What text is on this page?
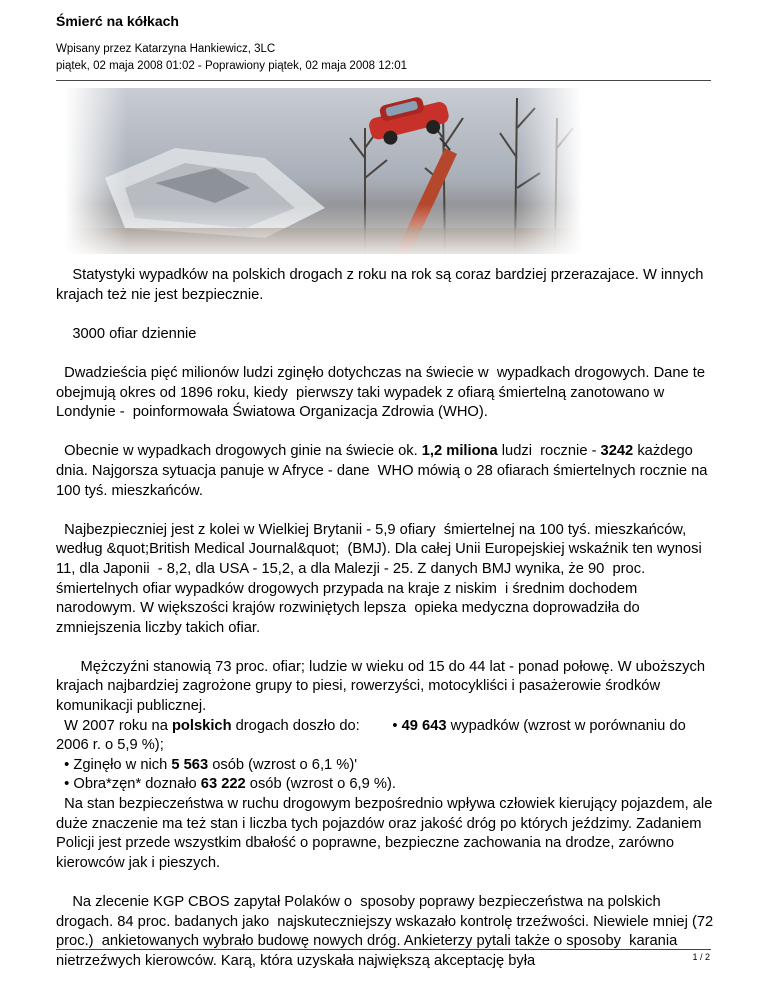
Śmierć na kółkach
Wpisany przez Katarzyna Hankiewicz, 3LC
piątek, 02 maja 2008 01:02 - Poprawiony piątek, 02 maja 2008 12:01

Statystyki wypadków na polskich drogach z roku na rok są coraz bardziej przerazajace. W innych krajach też nie jest bezpiecznie.

3000 ofiar dziennie

Dwadzieścia pięć milionów ludzi zginęło dotychczas na świecie w  wypadkach drogowych. Dane te obejmują okres od 1896 roku, kiedy  pierwszy taki wypadek z ofiarą śmiertelną zanotowano w Londynie -  poinformowała Światowa Organizacja Zdrowia (WHO).

Obecnie w wypadkach drogowych ginie na świecie ok. 1,2 miliona ludzi  rocznie - 3242 każdego dnia. Najgorsza sytuacja panuje w Afryce - dane  WHO mówią o 28 ofiarach śmiertelnych rocznie na 100 tyś. mieszkańców.

Najbezpieczniej jest z kolei w Wielkiej Brytanii - 5,9 ofiary  śmiertelnej na 100 tyś. mieszkańców, według &quot;British Medical Journal&quot;  (BMJ). Dla całej Unii Europejskiej wskaźnik ten wynosi 11, dla Japonii  - 8,2, dla USA - 15,2, a dla Malezji - 25. Z danych BMJ wynika, że 90  proc. śmiertelnych ofiar wypadków drogowych przypada na kraje z niskim  i średnim dochodem narodowym. W większości krajów rozwiniętych lepsza  opieka medyczna doprowadziła do zmniejszenia liczby takich ofiar.

Mężczyźni stanowią 73 proc. ofiar; ludzie w wieku od 15 do 44 lat - ponad połowę. W uboższych krajach najbardziej zagrożone grupy to piesi, rowerzyści, motocykliści i pasażerowie środków komunikacji publicznej.

W 2007 roku na polskich drogach doszło do:        • 49 643 wypadków (wzrost w porównaniu do 2006 r. o 5,9 %);

• Zginęło w nich 5 563 osób (wzrost o 6,1 %)'

• Obra*zęn* doznało 63 222 osób (wzrost o 6,9 %).

Na stan bezpieczeństwa w ruchu drogowym bezpośrednio wpływa człowiek kierujący pojazdem, ale duże znaczenie ma też stan i liczba tych pojazdów oraz jakość dróg po których jeździmy. Zadaniem Policji jest przede wszystkim dbałość o poprawne, bezpieczne zachowania na drodze, zarówno kierowców jak i pieszych.

Na zlecenie KGP CBOS zapytał Polaków o  sposoby poprawy bezpieczeństwa na polskich drogach. 84 proc. badanych jako  najskuteczniejszy wskazało kontrolę trzeźwości. Niewiele mniej (72 proc.)  ankietowanych wybrało budowę nowych dróg. Ankieterzy pytali także o sposoby  karania nietrzeźwych kierowców. Karą, która uzyskała największą akceptację była	1 / 2
